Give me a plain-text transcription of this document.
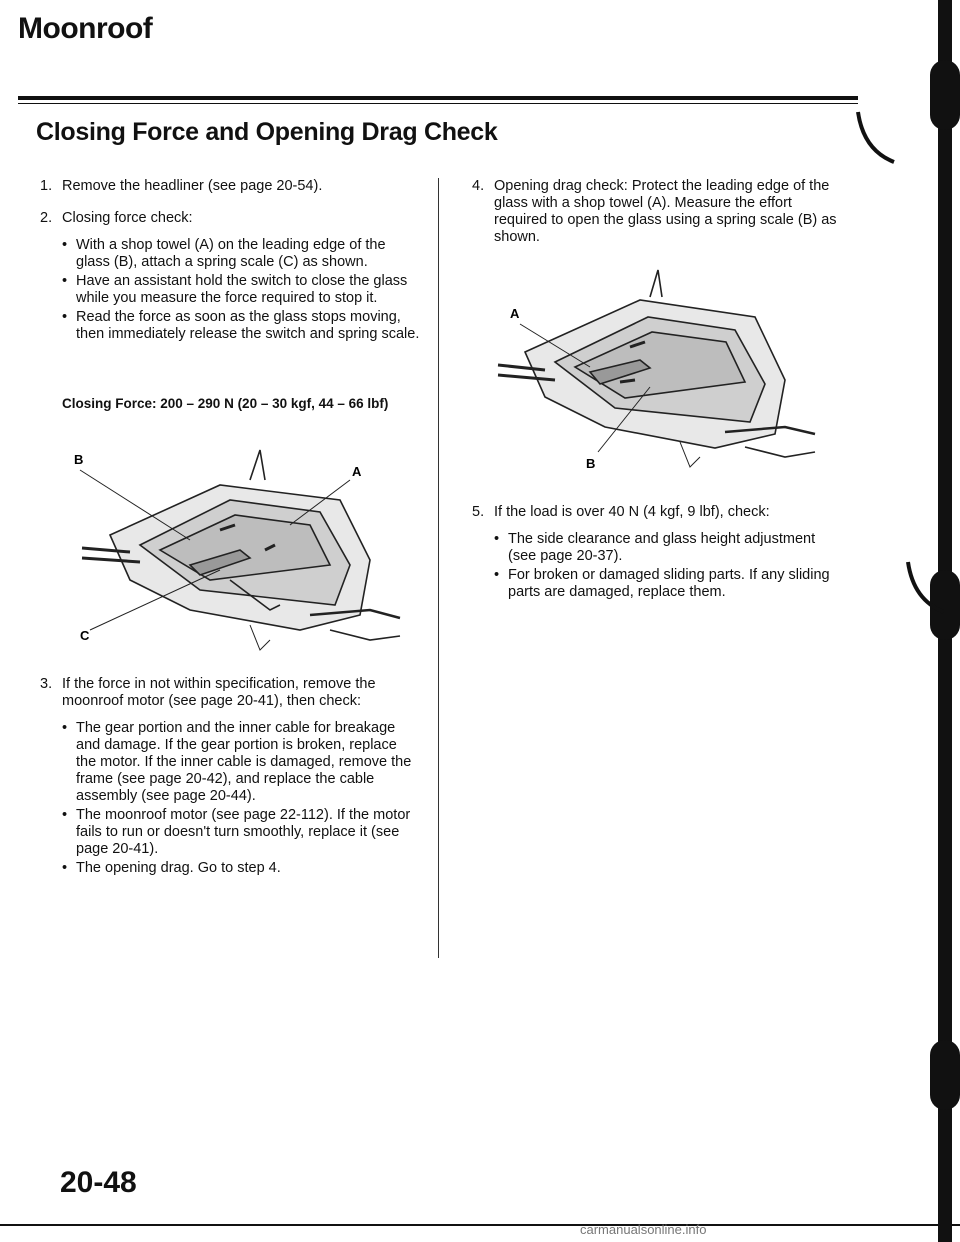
Moonroof
Closing Force and Opening Drag Check
1. Remove the headliner (see page 20-54).
2. Closing force check:
• With a shop towel (A) on the leading edge of the glass (B), attach a spring scale (C) as shown.
• Have an assistant hold the switch to close the glass while you measure the force required to stop it.
• Read the force as soon as the glass stops moving, then immediately release the switch and spring scale.
Closing Force: 200 – 290 N (20 – 30 kgf, 44 – 66 lbf)
B
A
C
3. If the force in not within specification, remove the moonroof motor (see page 20-41), then check:
• The gear portion and the inner cable for breakage and damage. If the gear portion is broken, replace the motor. If the inner cable is damaged, remove the frame (see page 20-42), and replace the cable assembly (see page 20-44).
• The moonroof motor (see page 22-112). If the motor fails to run or doesn't turn smoothly, replace it (see page 20-41).
• The opening drag. Go to step 4.
4. Opening drag check: Protect the leading edge of the glass with a shop towel (A). Measure the effort required to open the glass using a spring scale (B) as shown.
A
B
5. If the load is over 40 N (4 kgf, 9 lbf), check:
• The side clearance and glass height adjustment (see page 20-37).
• For broken or damaged sliding parts. If any sliding parts are damaged, replace them.
20-48
carmanualsonline.info
